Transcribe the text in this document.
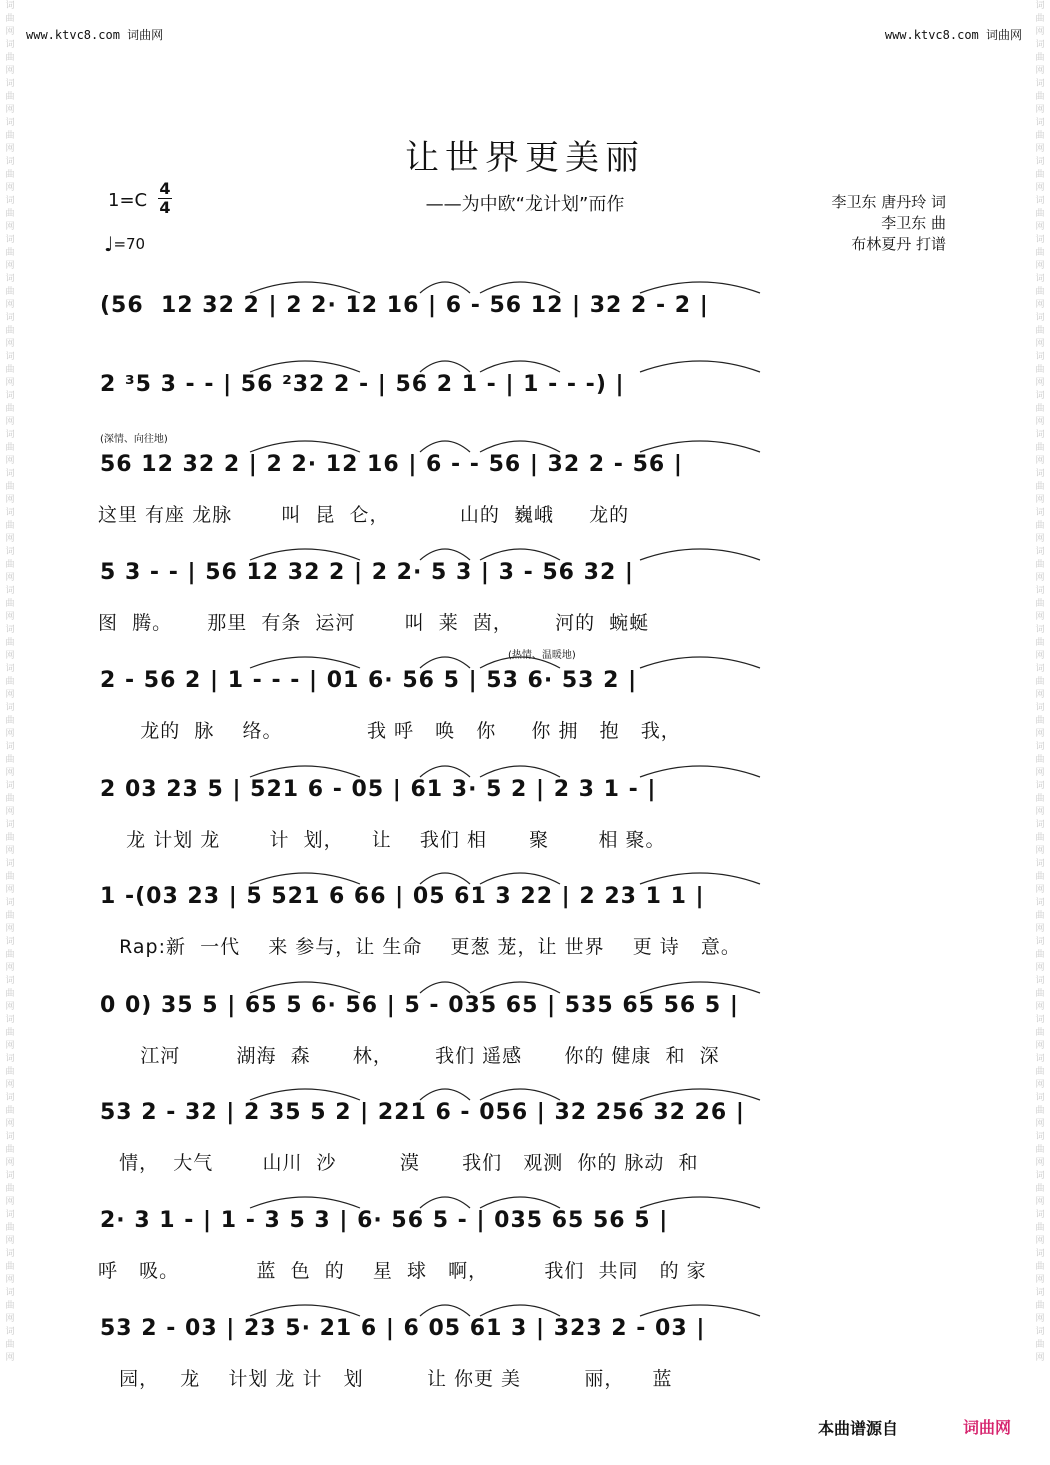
词曲网词曲网词曲网词曲网词曲网词曲网词曲网词曲网词曲网词曲网词曲网词曲网词曲网词曲网词曲网词曲网词曲网词曲网词曲网词曲网词曲网词曲网词曲网词曲网词曲网词曲网词曲网词曲网词曲网词曲网词曲网词曲网词曲网词曲网词曲网
词曲网词曲网词曲网词曲网词曲网词曲网词曲网词曲网词曲网词曲网词曲网词曲网词曲网词曲网词曲网词曲网词曲网词曲网词曲网词曲网词曲网词曲网词曲网词曲网词曲网词曲网词曲网词曲网词曲网词曲网词曲网词曲网词曲网词曲网词曲网
www.ktvc8.com 词曲网	www.ktvc8.com 词曲网
让世界更美丽
——为中欧“龙计划”而作
1=C
4
4
♩=70
李卫东 唐丹玲 词
李卫东 曲
布林夏丹 打谱
(56  12 32 2 | 2 2· 12 16 | 6 - 56 12 | 32 2 - 2 |
2 ³5 3 - - | 56 ²32 2 - | 56 2 1 - | 1 - - -) |
(深情、向往地)
56 12 32 2 | 2 2· 12 16 | 6 - - 56 | 32 2 - 56 |
这里 有座 龙脉       叫  昆  仑，          山的  巍峨     龙的
5 3 - - | 56 12 32 2 | 2 2· 5 3 | 3 - 56 32 |
图  腾。     那里  有条  运河       叫  莱  茵，      河的  蜿蜒
(热情、温暖地)
2 - 56 2 | 1 - - - | 01 6· 56 5 | 53 6· 53 2 |
龙的  脉    络。            我 呼   唤   你     你 拥   抱   我，
2 03 23 5 | 521 6 - 05 | 61 3· 5 2 | 2 3 1 - |
龙 计划 龙       计  划，    让    我们 相      聚       相 聚。
1 -(03 23 | 5 521 6 66 | 05 61 3 22 | 2 23 1 1 |
Rap:新  一代    来 参与，让 生命    更葱 茏，让 世界    更 诗   意。
0 0) 35 5 | 65 5 6· 56 | 5 - 035 65 | 535 65 56 5 |
江河        湖海  森      林，      我们 遥感      你的 健康  和  深
53 2 - 32 | 2 35 5 2 | 221 6 - 056 | 32 256 32 26 |
情，  大气       山川  沙         漠      我们   观测  你的 脉动  和
2· 3 1 - | 1 - 3 5 3 | 6· 56 5 - | 035 65 56 5 |
呼   吸。           蓝  色  的    星  球   啊，        我们  共同   的 家
53 2 - 03 | 23 5· 21 6 | 6 05 61 3 | 323 2 - 03 |
园，   龙    计划 龙 计   划         让 你更 美         丽，    蓝
本曲谱源自	词曲网
